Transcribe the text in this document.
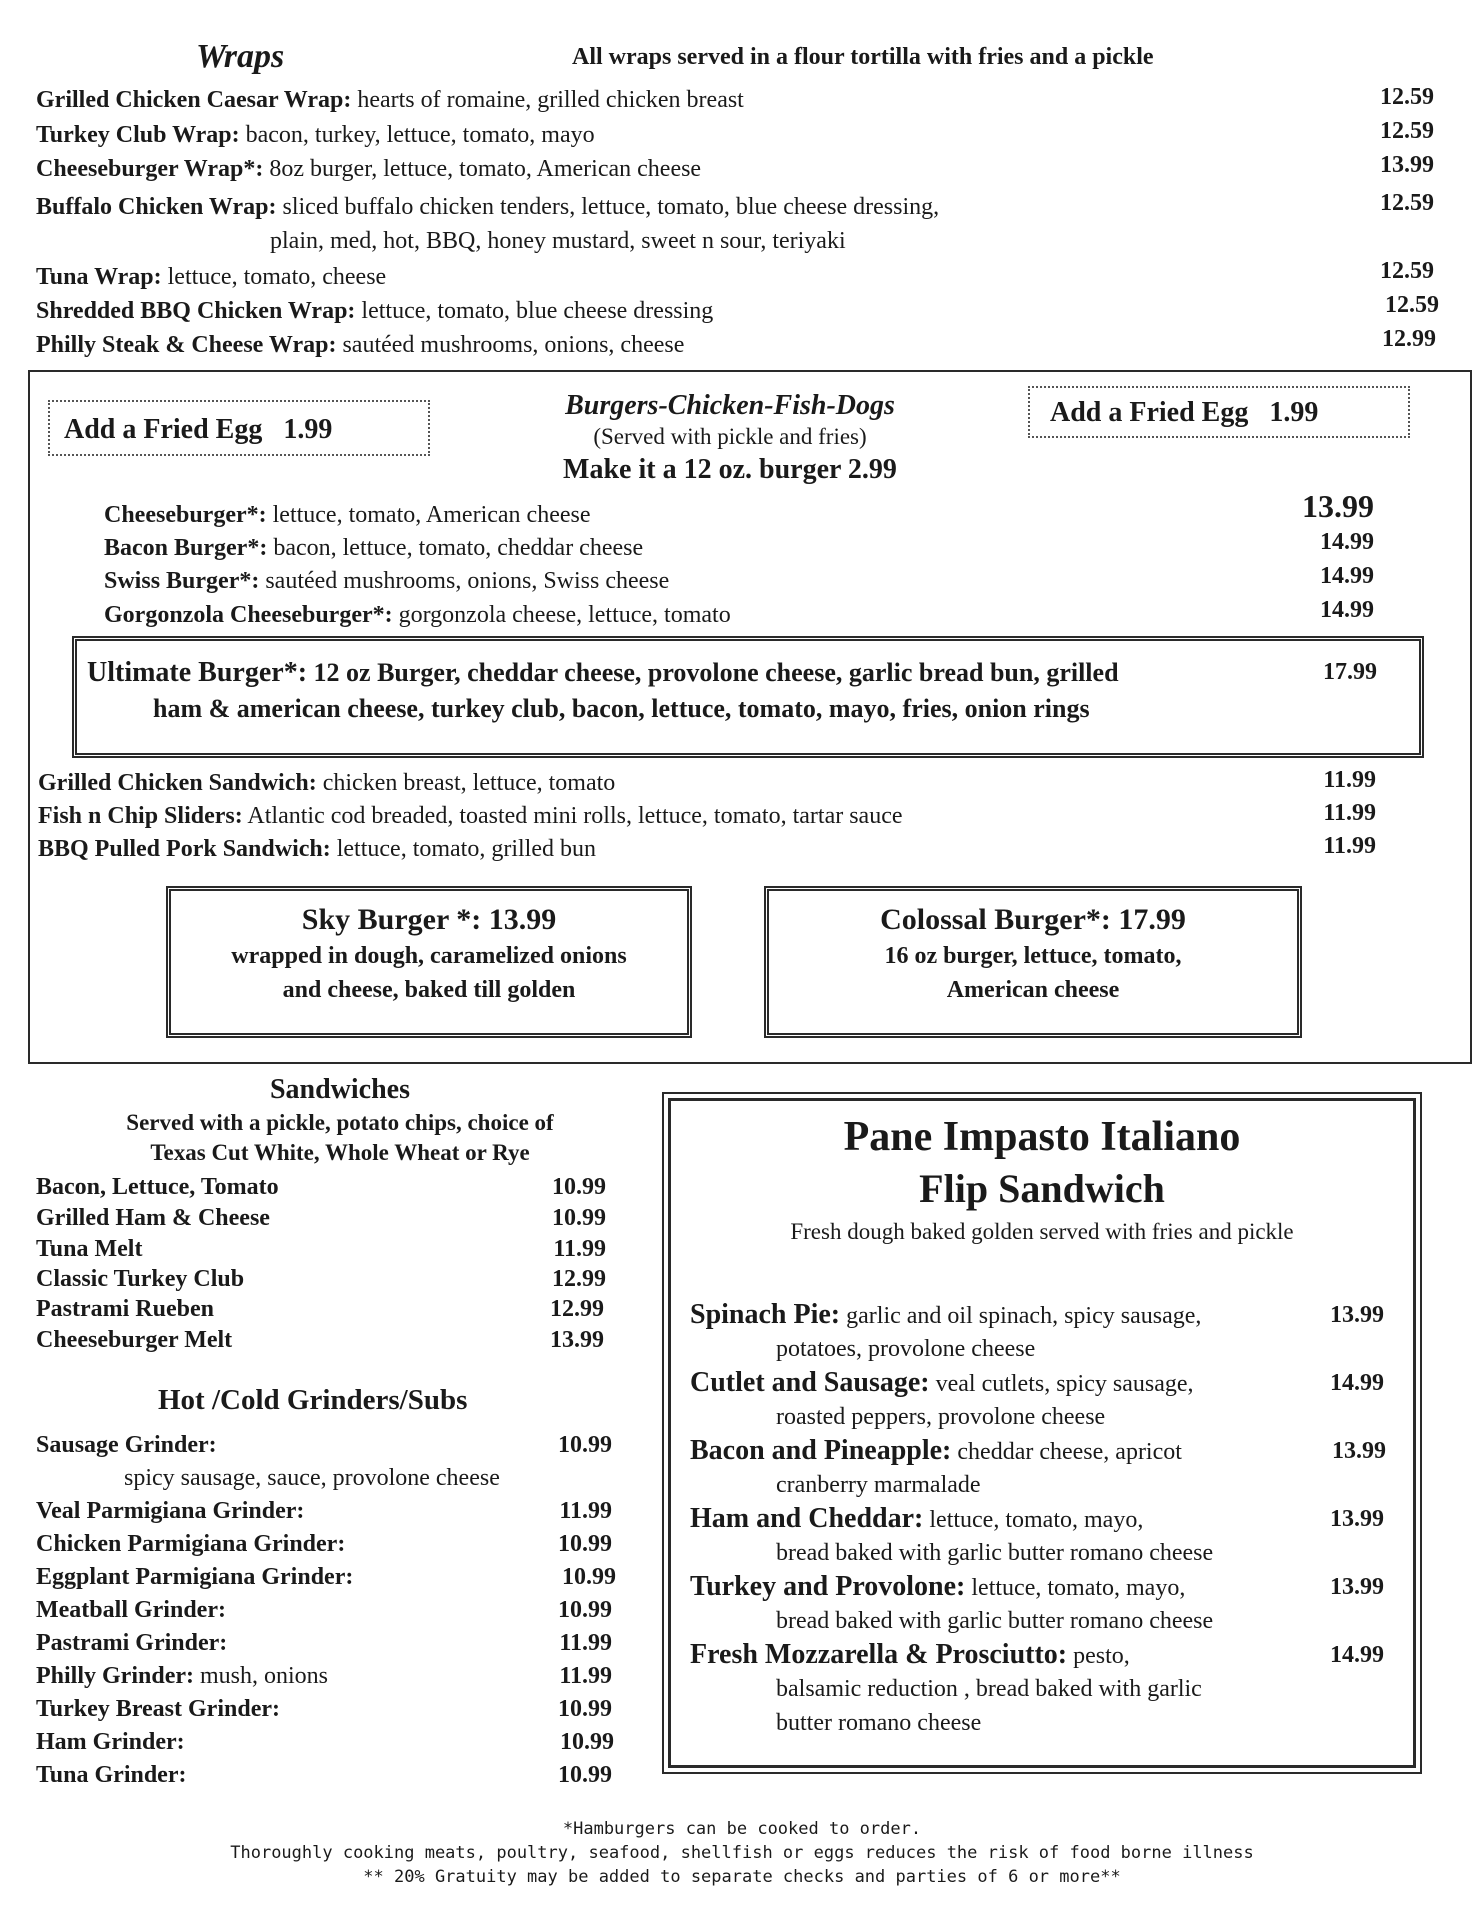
Wraps	All wraps served in a flour tortilla with fries and a pickle
Grilled Chicken Caesar Wrap: hearts of romaine, grilled chicken breast	12.59
Turkey Club Wrap: bacon, turkey, lettuce, tomato, mayo	12.59
Cheeseburger Wrap*: 8oz burger, lettuce, tomato, American cheese	13.99
Buffalo Chicken Wrap: sliced buffalo chicken tenders, lettuce, tomato, blue cheese dressing,
plain, med, hot, BBQ, honey mustard, sweet n sour, teriyaki
12.59
Tuna Wrap: lettuce, tomato, cheese	12.59
Shredded BBQ Chicken Wrap: lettuce, tomato, blue cheese dressing	12.59
Philly Steak & Cheese Wrap: sautéed mushrooms, onions, cheese	12.99
Add a Fried Egg   1.99
Add a Fried Egg   1.99
Burgers-Chicken-Fish-Dogs
(Served with pickle and fries)
Make it a 12 oz. burger 2.99
Cheeseburger*: lettuce, tomato, American cheese	13.99
Bacon Burger*: bacon, lettuce, tomato, cheddar cheese	14.99
Swiss Burger*: sautéed mushrooms, onions, Swiss cheese	14.99
Gorgonzola Cheeseburger*: gorgonzola cheese, lettuce, tomato	14.99
Ultimate Burger*: 12 oz Burger, cheddar cheese, provolone cheese, garlic bread bun, grilled
ham & american cheese, turkey club, bacon, lettuce, tomato, mayo, fries, onion rings
17.99
Grilled Chicken Sandwich: chicken breast, lettuce, tomato	11.99
Fish n Chip Sliders: Atlantic cod breaded, toasted mini rolls, lettuce, tomato, tartar sauce	11.99
BBQ Pulled Pork Sandwich: lettuce, tomato, grilled bun	11.99
Sky Burger *: 13.99
wrapped in dough, caramelized onions
and cheese, baked till golden
Colossal Burger*: 17.99
16 oz burger, lettuce, tomato,
American cheese
Sandwiches
Served with a pickle, potato chips, choice of
Texas Cut White, Whole Wheat or Rye
Bacon, Lettuce, Tomato	10.99
Grilled Ham & Cheese	10.99
Tuna Melt	11.99
Classic Turkey Club	12.99
Pastrami Rueben	12.99
Cheeseburger Melt	13.99
Hot /Cold Grinders/Subs
Sausage Grinder:	10.99
spicy sausage, sauce, provolone cheese
Veal Parmigiana Grinder:	11.99
Chicken Parmigiana Grinder:	10.99
Eggplant Parmigiana Grinder:	10.99
Meatball Grinder:	10.99
Pastrami Grinder:	11.99
Philly Grinder: mush, onions	11.99
Turkey Breast Grinder:	10.99
Ham Grinder:	10.99
Tuna Grinder:	10.99
Pane Impasto Italiano
Flip Sandwich
Fresh dough baked golden served with fries and pickle
Spinach Pie: garlic and oil spinach, spicy sausage,
potatoes, provolone cheese
13.99
Cutlet and Sausage: veal cutlets, spicy sausage,
roasted peppers, provolone cheese
14.99
Bacon and Pineapple: cheddar cheese, apricot
cranberry marmalade
13.99
Ham and Cheddar: lettuce, tomato, mayo,
bread baked with garlic butter romano cheese
13.99
Turkey and Provolone: lettuce, tomato, mayo,
bread baked with garlic butter romano cheese
13.99
Fresh Mozzarella & Prosciutto: pesto,
balsamic reduction , bread baked with garlic
butter romano cheese
14.99
*Hamburgers can be cooked to order.
Thoroughly cooking meats, poultry, seafood, shellfish or eggs reduces the risk of food borne illness
** 20% Gratuity may be added to separate checks and parties of 6 or more**
